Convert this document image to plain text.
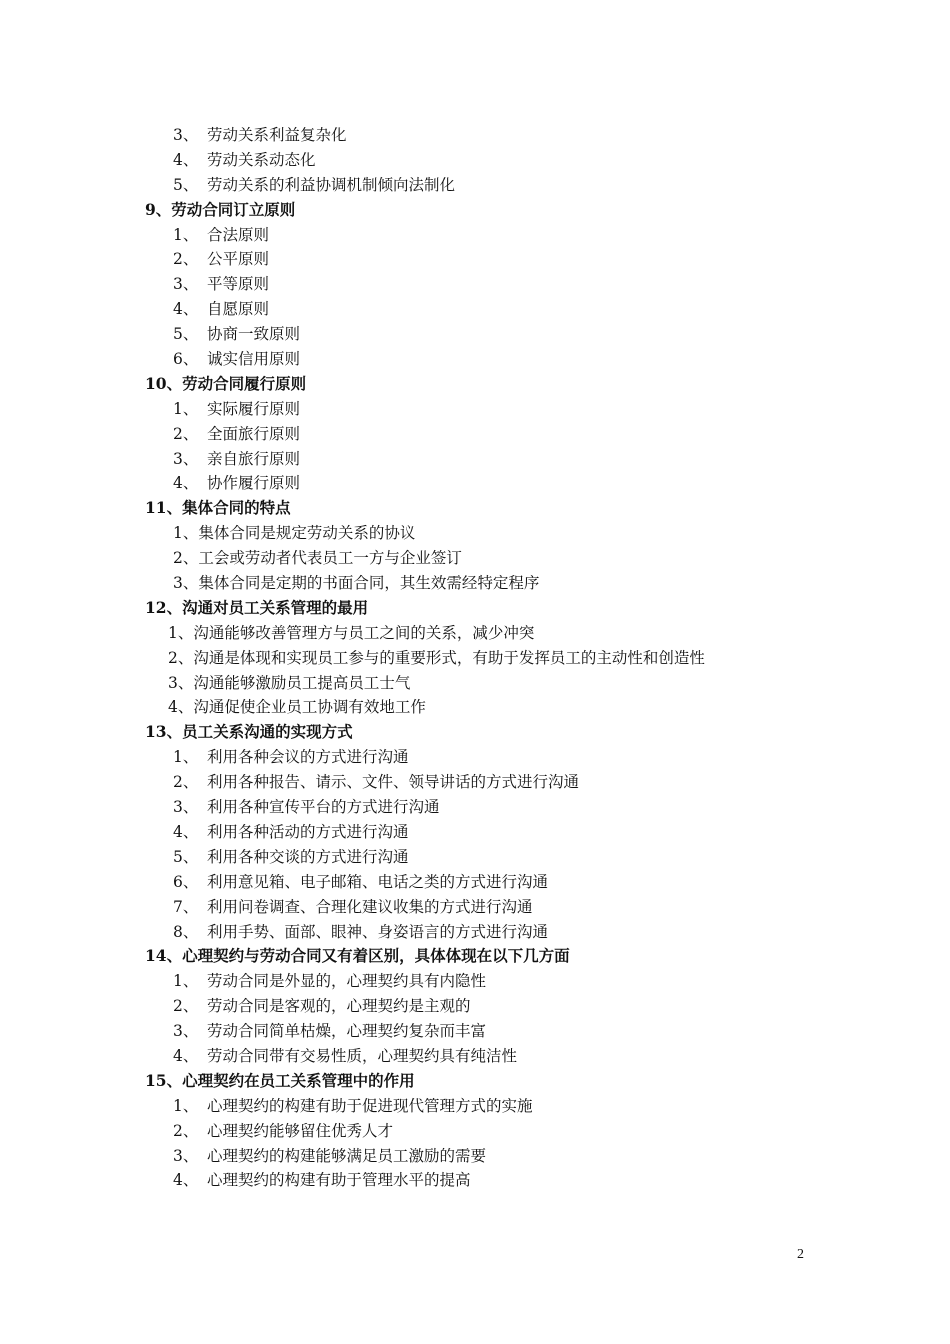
3、 劳动关系利益复杂化
4、 劳动关系动态化
5、 劳动关系的利益协调机制倾向法制化
9、劳动合同订立原则
1、 合法原则
2、 公平原则
3、 平等原则
4、 自愿原则
5、 协商一致原则
6、 诚实信用原则
10、劳动合同履行原则
1、 实际履行原则
2、 全面旅行原则
3、 亲自旅行原则
4、 协作履行原则
11、集体合同的特点
1、集体合同是规定劳动关系的协议
2、工会或劳动者代表员工一方与企业签订
3、集体合同是定期的书面合同，其生效需经特定程序
12、沟通对员工关系管理的最用
1、沟通能够改善管理方与员工之间的关系，减少冲突
2、沟通是体现和实现员工参与的重要形式，有助于发挥员工的主动性和创造性
3、沟通能够激励员工提高员工士气
4、沟通促使企业员工协调有效地工作
13、员工关系沟通的实现方式
1、 利用各种会议的方式进行沟通
2、 利用各种报告、请示、文件、领导讲话的方式进行沟通
3、 利用各种宣传平台的方式进行沟通
4、 利用各种活动的方式进行沟通
5、 利用各种交谈的方式进行沟通
6、 利用意见箱、电子邮箱、电话之类的方式进行沟通
7、 利用问卷调查、合理化建议收集的方式进行沟通
8、 利用手势、面部、眼神、身姿语言的方式进行沟通
14、心理契约与劳动合同又有着区别，具体体现在以下几方面
1、 劳动合同是外显的，心理契约具有内隐性
2、 劳动合同是客观的，心理契约是主观的
3、 劳动合同简单枯燥，心理契约复杂而丰富
4、 劳动合同带有交易性质，心理契约具有纯洁性
15、心理契约在员工关系管理中的作用
1、 心理契约的构建有助于促进现代管理方式的实施
2、 心理契约能够留住优秀人才
3、 心理契约的构建能够满足员工激励的需要
4、 心理契约的构建有助于管理水平的提高
2
